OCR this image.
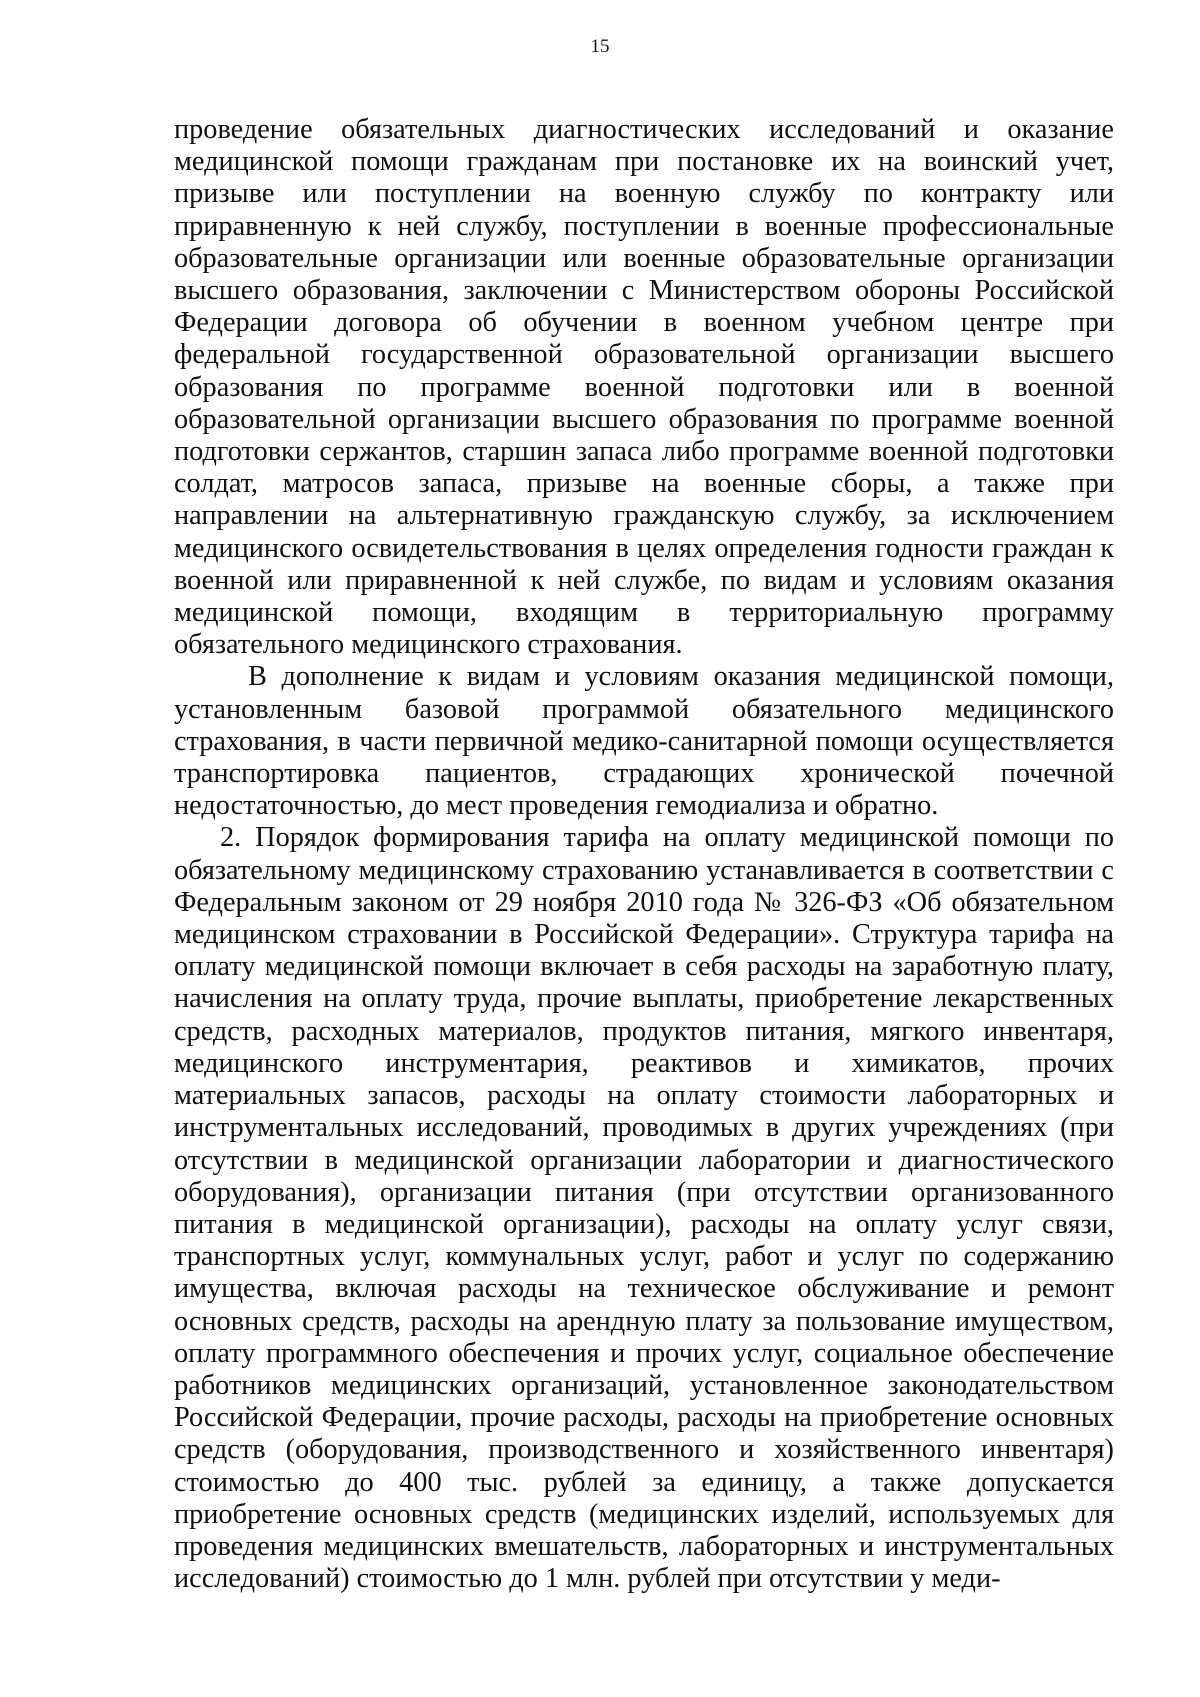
15

проведение обязательных диагностических исследований и оказание медицинской помощи гражданам при постановке их на воинский учет, призыве или поступлении на военную службу по контракту или приравненную к ней службу, поступлении в военные профессиональные образовательные организации или военные образовательные организации высшего образования, заключении с Министерством обороны Российской Федерации договора об обучении в военном учебном центре при федеральной государственной образовательной организации высшего образования по программе военной подготовки или в военной образовательной организации высшего образования по программе военной подготовки сержантов, старшин запаса либо программе военной подготовки солдат, матросов запаса, призыве на военные сборы, а также при направлении на альтернативную гражданскую службу, за исключением медицинского освидетельствования в целях определения годности граждан к военной или приравненной к ней службе, по видам и условиям оказания медицинской помощи, входящим в территориальную программу обязательного медицинского страхования.

В дополнение к видам и условиям оказания медицинской помощи, установленным базовой программой обязательного медицинского страхования, в части первичной медико-санитарной помощи осуществляется транспортировка пациентов, страдающих хронической почечной недостаточностью, до мест проведения гемодиализа и обратно.

2. Порядок формирования тарифа на оплату медицинской помощи по обязательному медицинскому страхованию устанавливается в соответствии с Федеральным законом от 29 ноября 2010 года № 326-ФЗ «Об обязательном медицинском страховании в Российской Федерации». Структура тарифа на оплату медицинской помощи включает в себя расходы на заработную плату, начисления на оплату труда, прочие выплаты, приобретение лекарственных средств, расходных материалов, продуктов питания, мягкого инвентаря, медицинского инструментария, реактивов и химикатов, прочих материальных запасов, расходы на оплату стоимости лабораторных и инструментальных исследований, проводимых в других учреждениях (при отсутствии в медицинской организации лаборатории и диагностического оборудования), организации питания (при отсутствии организованного питания в медицинской организации), расходы на оплату услуг связи, транспортных услуг, коммунальных услуг, работ и услуг по содержанию имущества, включая расходы на техническое обслуживание и ремонт основных средств, расходы на арендную плату за пользование имуществом, оплату программного обеспечения и прочих услуг, социальное обеспечение работников медицинских организаций, установленное законодательством Российской Федерации, прочие расходы, расходы на приобретение основных средств (оборудования, производственного и хозяйственного инвентаря) стоимостью до 400 тыс. рублей за единицу, а также допускается приобретение основных средств (медицинских изделий, используемых для проведения медицинских вмешательств, лабораторных и инструментальных исследований) стоимостью до 1 млн. рублей при отсутствии у меди-
